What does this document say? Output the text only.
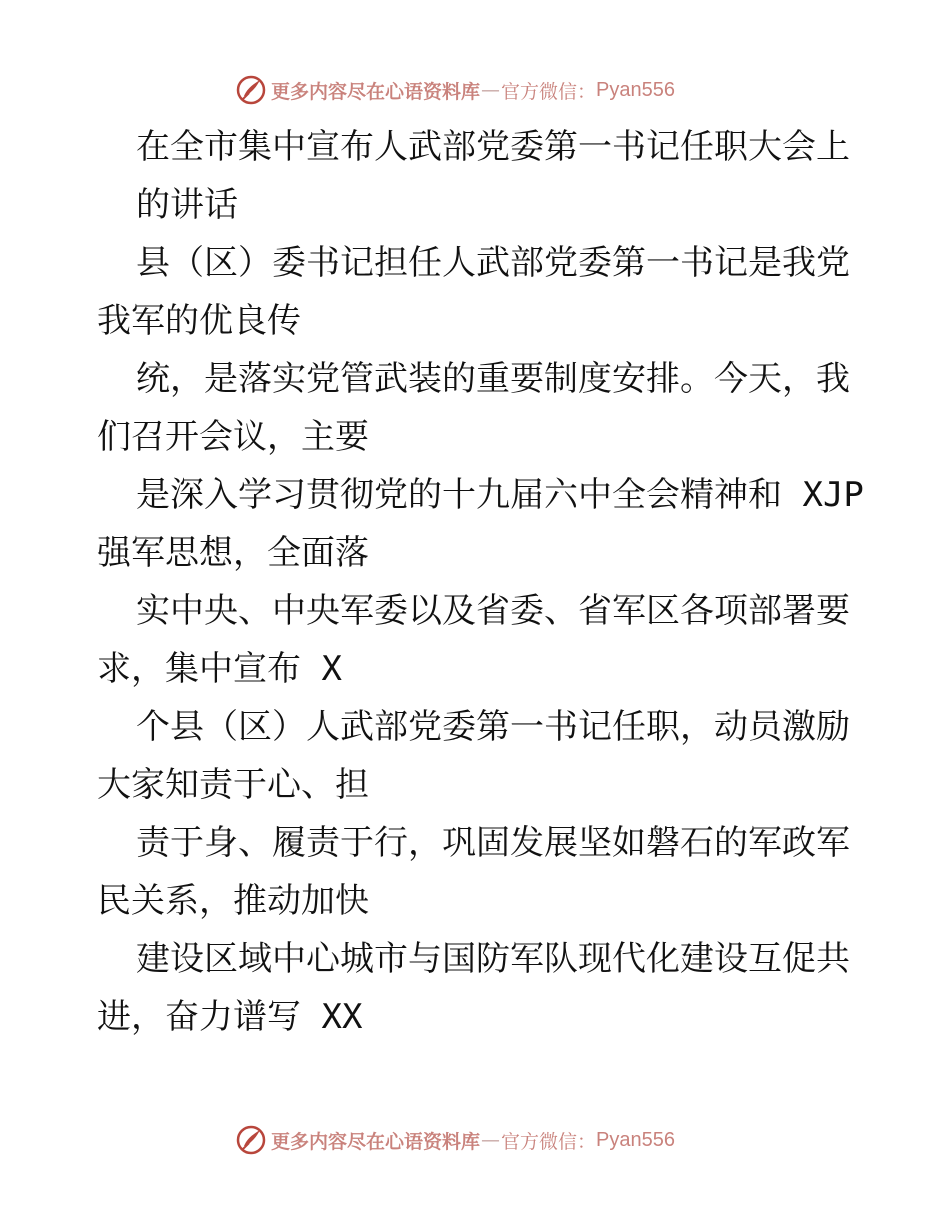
更多内容尽在心语资料库 — 官方微信： Pyan556
在全市集中宣布人武部党委第一书记任职大会上
的讲话
县（区）委书记担任人武部党委第一书记是我党
我军的优良传
统，是落实党管武装的重要制度安排。今天，我
们召开会议，主要
是深入学习贯彻党的十九届六中全会精神和 XJP
强军思想，全面落
实中央、中央军委以及省委、省军区各项部署要
求，集中宣布 X
个县（区）人武部党委第一书记任职，动员激励
大家知责于心、担
责于身、履责于行，巩固发展坚如磐石的军政军
民关系，推动加快
建设区域中心城市与国防军队现代化建设互促共
进，奋力谱写 XX
更多内容尽在心语资料库 — 官方微信： Pyan556
